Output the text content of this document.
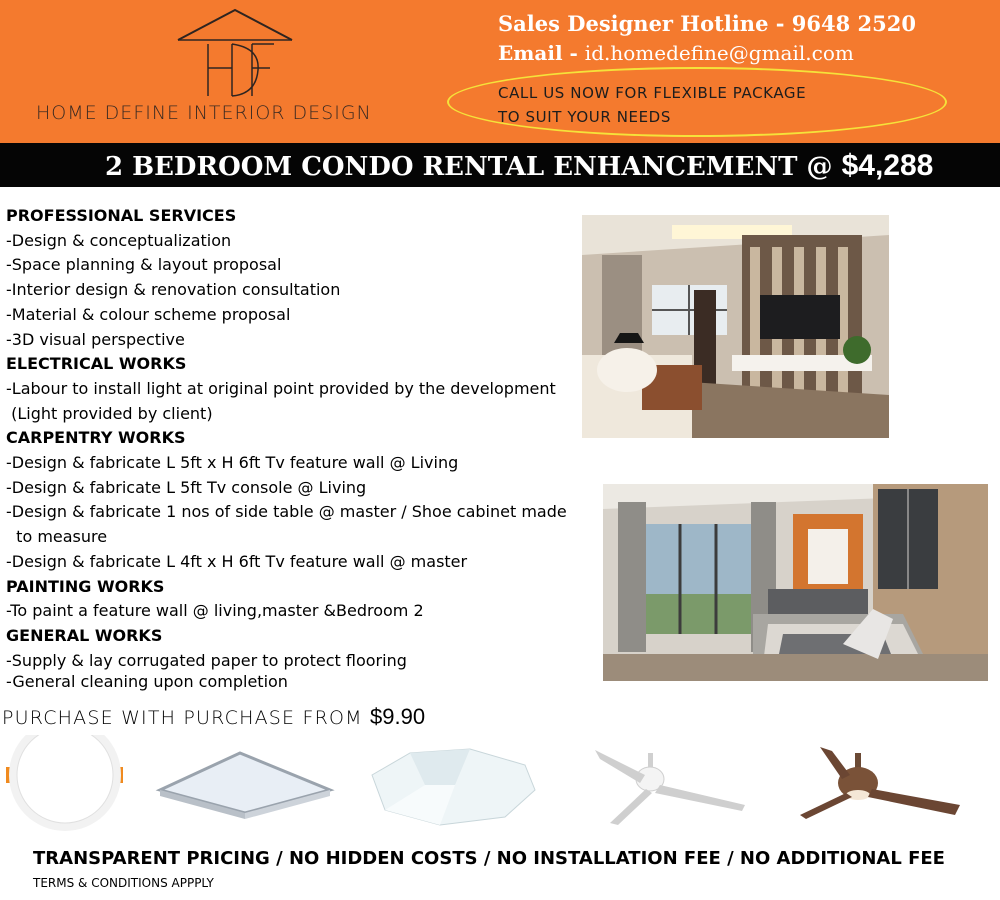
HOME DEFINE INTERIOR DESIGN
Sales Designer Hotline - 9648 2520
Email - id.homedefine@gmail.com
CALL US NOW FOR FLEXIBLE PACKAGE
TO SUIT YOUR NEEDS
2 BEDROOM CONDO RENTAL ENHANCEMENT @ $4,288
PROFESSIONAL SERVICES
-Design & conceptualization
-Space planning & layout proposal
-Interior design & renovation consultation
-Material & colour scheme proposal
-3D visual perspective
ELECTRICAL WORKS
-Labour to install light at original point provided by the development
(Light provided by client)
CARPENTRY WORKS
-Design & fabricate L 5ft x H 6ft Tv feature wall @ Living
-Design & fabricate L 5ft Tv console @ Living
-Design & fabricate 1 nos of side table @ master / Shoe cabinet made
to measure
-Design & fabricate L 4ft x H 6ft Tv feature wall @ master
PAINTING WORKS
-To paint a feature wall @ living,master &Bedroom 2
GENERAL WORKS
-Supply & lay corrugated paper to protect flooring
-General cleaning upon completion
PURCHASE WITH PURCHASE FROM $9.90
TRANSPARENT PRICING / NO HIDDEN COSTS / NO INSTALLATION FEE / NO ADDITIONAL FEE
TERMS & CONDITIONS APPPLY
